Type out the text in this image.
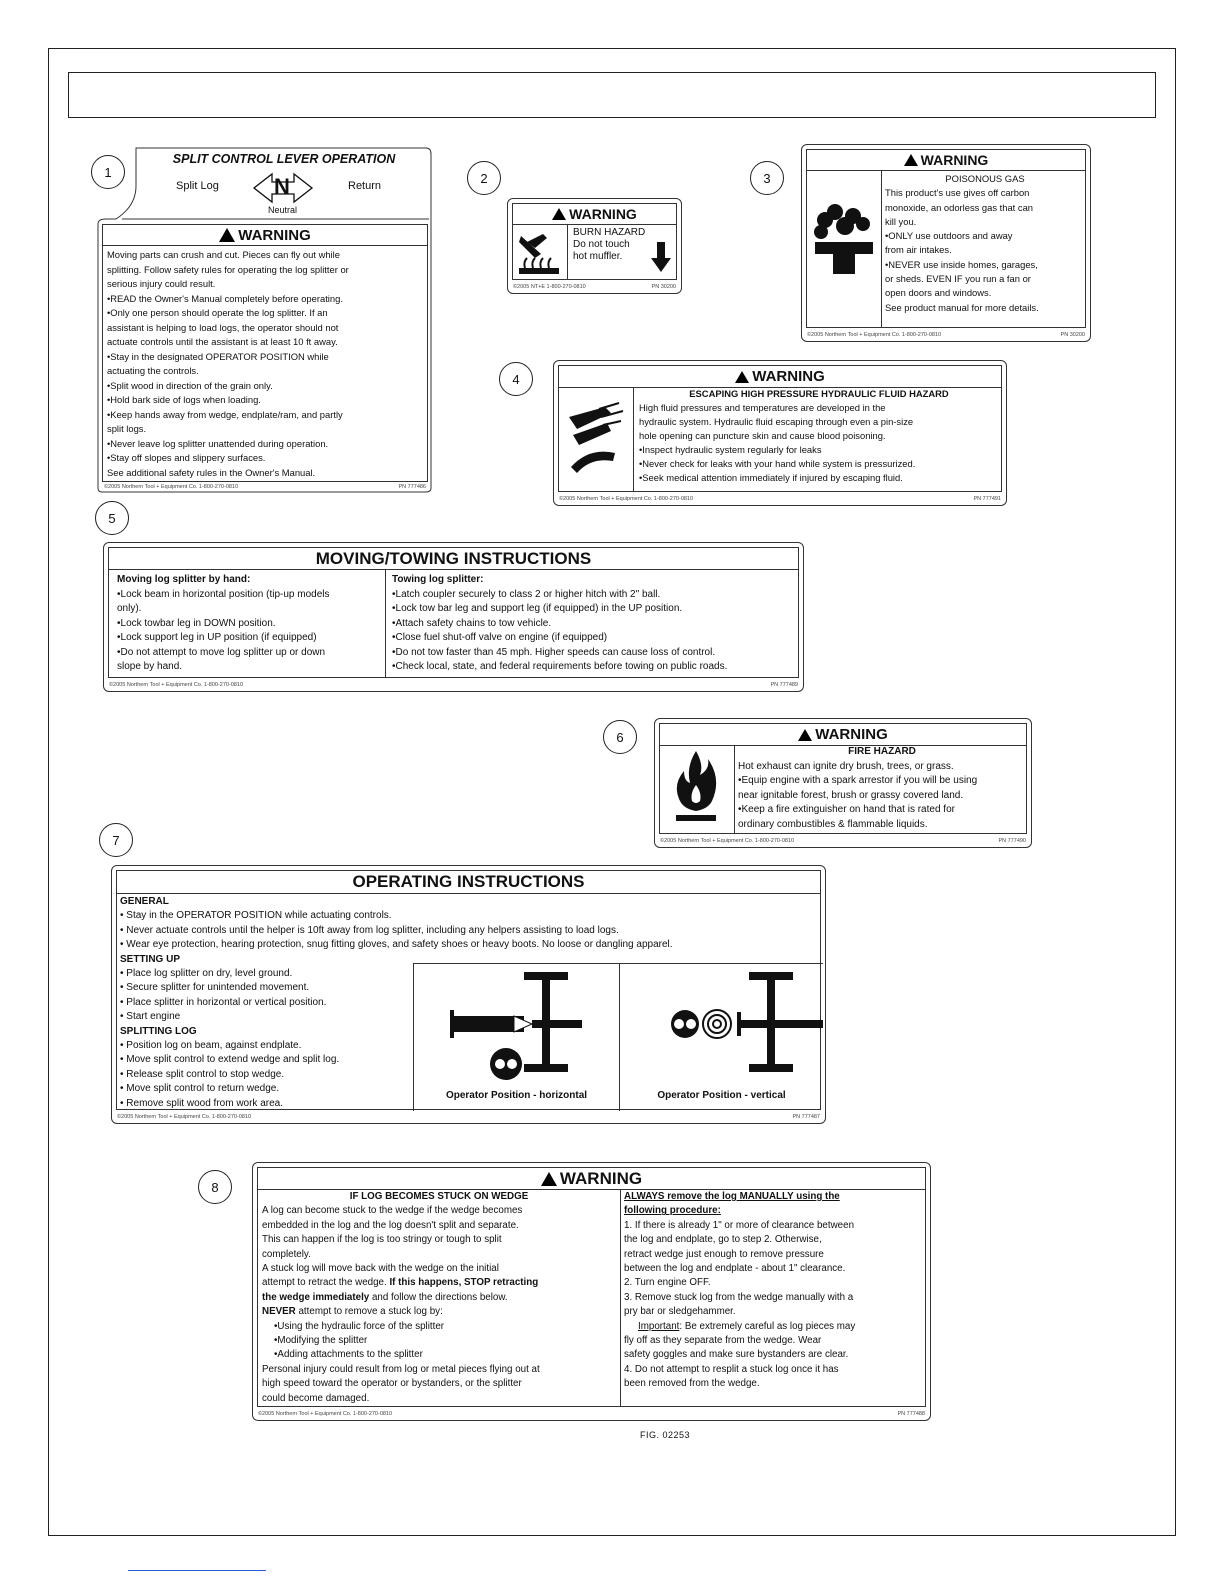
1	2	3
4
5
6
7
8
SPLIT CONTROL LEVER OPERATION
Split Log	N	Return
Neutral
WARNING
Moving parts can crush and cut. Pieces can fly out while
splitting. Follow safety rules for operating the log splitter or
serious injury could result.
•READ the Owner's Manual completely before operating.
•Only one person should operate the log splitter. If an
assistant is helping to load logs, the operator should not
actuate controls until the assistant is at least 10 ft away.
•Stay in the designated OPERATOR POSITION while
actuating the controls.
•Split wood in direction of the grain only.
•Hold bark side of logs when loading.
•Keep hands away from wedge, endplate/ram, and partly
split logs.
•Never leave log splitter unattended during operation.
•Stay off slopes and slippery surfaces.
See additional safety rules in the Owner's Manual.
©2005 Northern Tool + Equipment Co. 1-800-270-0810	PN 777486
WARNING
BURN HAZARD
Do not touch
hot muffler.
©2005 NT+E 1-800-270-0810	PN 30200
WARNING
POISONOUS GAS
This product's use gives off carbon
monoxide, an odorless gas that can
kill you.
•ONLY use outdoors and away
from air intakes.
•NEVER use inside homes, garages,
or sheds. EVEN IF you run a fan or
open doors and windows.
See product manual for more details.
©2005 Northern Tool + Equipment Co. 1-800-270-0810	PN 30200
WARNING
ESCAPING HIGH PRESSURE HYDRAULIC FLUID HAZARD
High fluid pressures and temperatures are developed in the
hydraulic system. Hydraulic fluid escaping through even a pin-size
hole opening can puncture skin and cause blood poisoning.
•Inspect hydraulic system regularly for leaks
•Never check for leaks with your hand while system is pressurized.
•Seek medical attention immediately if injured by escaping fluid.
©2005 Northern Tool + Equipment Co. 1-800-270-0810	PN 777491
MOVING/TOWING INSTRUCTIONS
Moving log splitter by hand:
•Lock beam in horizontal position (tip-up models
only).
•Lock towbar leg in DOWN position.
•Lock support leg in UP position (if equipped)
•Do not attempt to move log splitter up or down
slope by hand.
Towing log splitter:
•Latch coupler securely to class 2 or higher hitch with 2" ball.
•Lock tow bar leg and support leg (if equipped) in the UP position.
•Attach safety chains to tow vehicle.
•Close fuel shut-off valve on engine (if equipped)
•Do not tow faster than 45 mph. Higher speeds can cause loss of control.
•Check local, state, and federal requirements before towing on public roads.
©2005 Northern Tool + Equipment Co. 1-800-270-0810	PN 777489
WARNING
FIRE HAZARD
Hot exhaust can ignite dry brush, trees, or grass.
•Equip engine with a spark arrestor if you will be using
near ignitable forest, brush or grassy covered land.
•Keep a fire extinguisher on hand that is rated for
ordinary combustibles & flammable liquids.
©2005 Northern Tool + Equipment Co. 1-800-270-0810	PN 777490
OPERATING INSTRUCTIONS
GENERAL
• Stay in the OPERATOR POSITION while actuating controls.
• Never actuate controls until the helper is 10ft away from log splitter, including any helpers assisting to load logs.
• Wear eye protection, hearing protection, snug fitting gloves, and safety shoes or heavy boots. No loose or dangling apparel.
SETTING UP
• Place log splitter on dry, level ground.
• Secure splitter for unintended movement.
• Place splitter in horizontal or vertical position.
• Start engine
SPLITTING LOG
• Position log on beam, against endplate.
• Move split control to extend wedge and split log.
• Release split control to stop wedge.
• Move split control to return wedge.
• Remove split wood from work area.
Operator Position - horizontal	Operator Position - vertical
©2005 Northern Tool + Equipment Co. 1-800-270-0810	PN 777487
WARNING
IF LOG BECOMES STUCK ON WEDGE
A log can become stuck to the wedge if the wedge becomes
embedded in the log and the log doesn't split and separate.
This can happen if the log is too stringy or tough to split
completely.
A stuck log will move back with the wedge on the initial
attempt to retract the wedge. If this happens, STOP retracting
the wedge immediately and follow the directions below.
NEVER attempt to remove a stuck log by:
•Using the hydraulic force of the splitter
•Modifying the splitter
•Adding attachments to the splitter
Personal injury could result from log or metal pieces flying out at
high speed toward the operator or bystanders, or the splitter
could become damaged.
ALWAYS remove the log MANUALLY using the
following procedure:
1. If there is already 1" or more of clearance between
the log and endplate, go to step 2. Otherwise,
retract wedge just enough to remove pressure
between the log and endplate - about 1" clearance.
2. Turn engine OFF.
3. Remove stuck log from the wedge manually with a
pry bar or sledgehammer.
Important: Be extremely careful as log pieces may
fly off as they separate from the wedge. Wear
safety goggles and make sure bystanders are clear.
4. Do not attempt to resplit a stuck log once it has
been removed from the wedge.
©2005 Northern Tool + Equipment Co. 1-800-270-0810	PN 777488
FIG. 02253
